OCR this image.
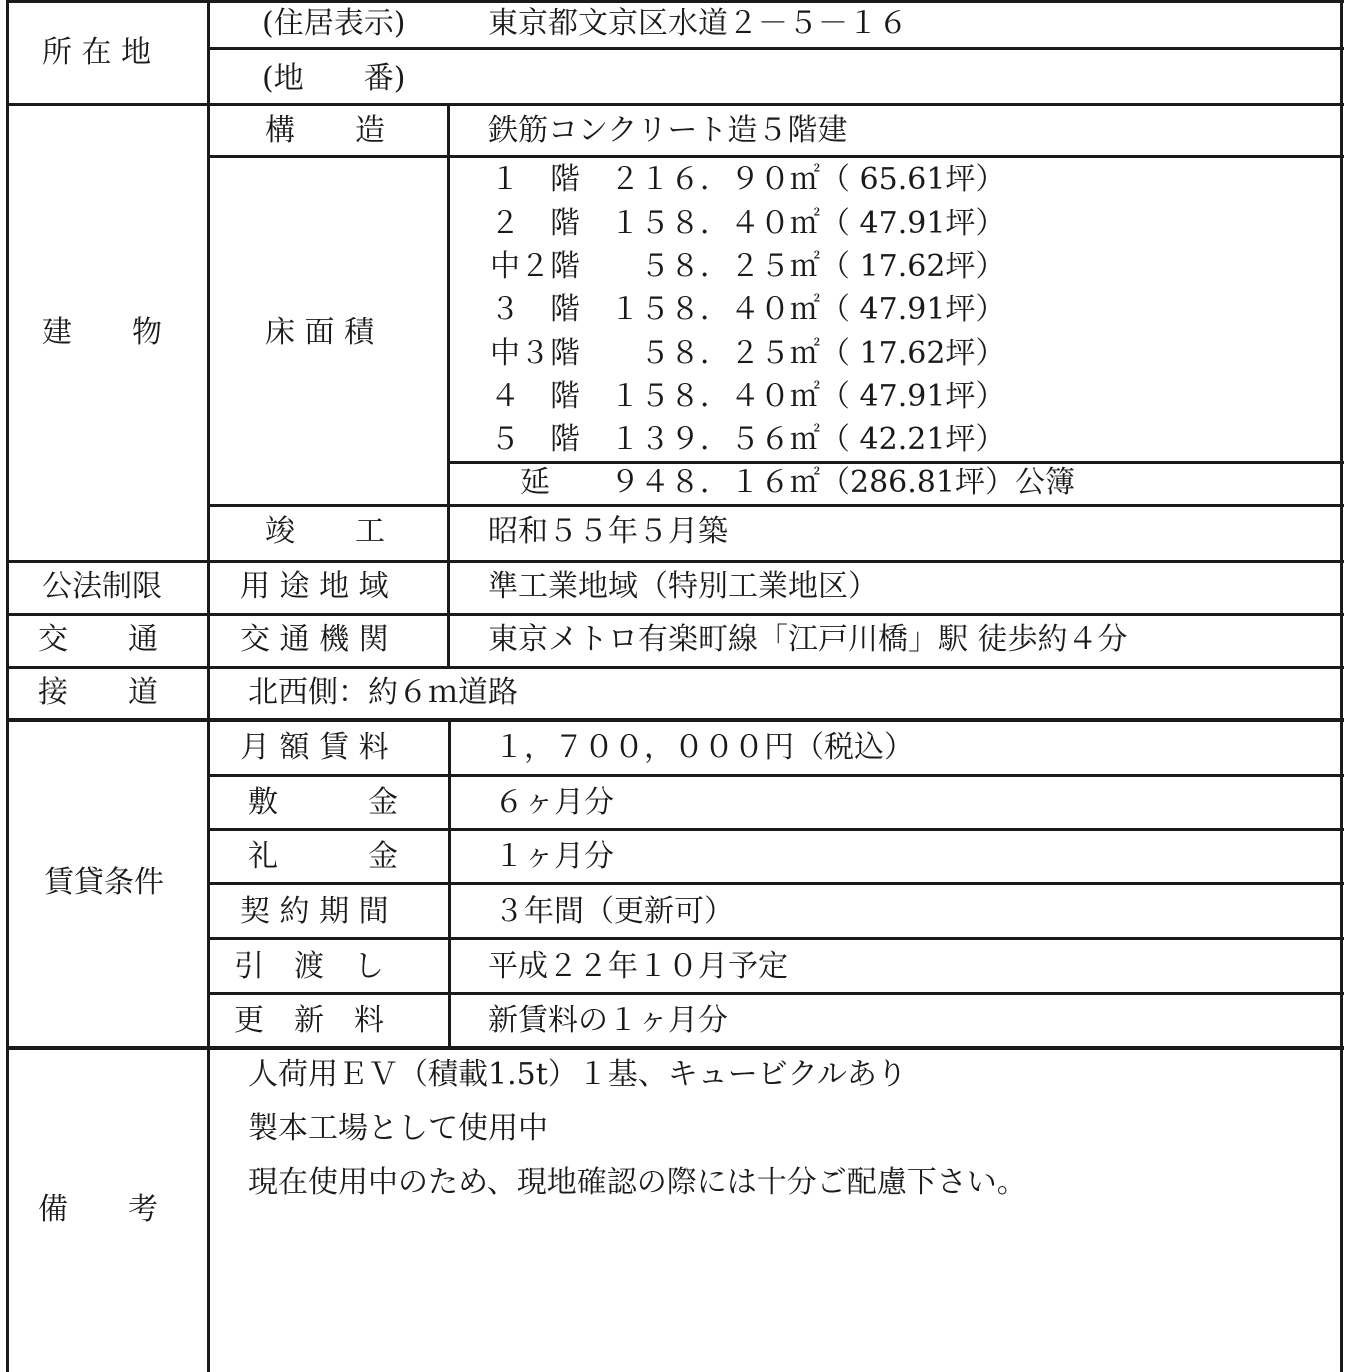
所 在 地
(住居表示)	東京都文京区水道２－５－１６
(地　　番)
建　　物
構　　造	鉄筋コンクリート造５階建
床 面 積
１　階　２１６．９０㎡（ 65.61坪）
２　階　１５８．４０㎡（ 47.91坪）
中２階　　５８．２５㎡（ 17.62坪）
３　階　１５８．４０㎡（ 47.91坪）
中３階　　５８．２５㎡（ 17.62坪）
４　階　１５８．４０㎡（ 47.91坪）
５　階　１３９．５６㎡（ 42.21坪）
延　　９４８．１６㎡（286.81坪）公簿
竣　　工	昭和５５年５月築
公法制限	用 途 地 域	準工業地域（特別工業地区）
交　　通	交 通 機 関	東京メトロ有楽町線「江戸川橋」駅 徒歩約４分
接　　道	北西側：約６ｍ道路
賃貸条件
月 額 賃 料	１，７００，０００円（税込）
敷　　　金	６ヶ月分
礼　　　金	１ヶ月分
契 約 期 間	３年間（更新可）
引　渡　し	平成２２年１０月予定
更　新　料	新賃料の１ヶ月分
備　　考
人荷用ＥＶ（積載1.5t）１基、キュービクルあり
製本工場として使用中
現在使用中のため、現地確認の際には十分ご配慮下さい。
